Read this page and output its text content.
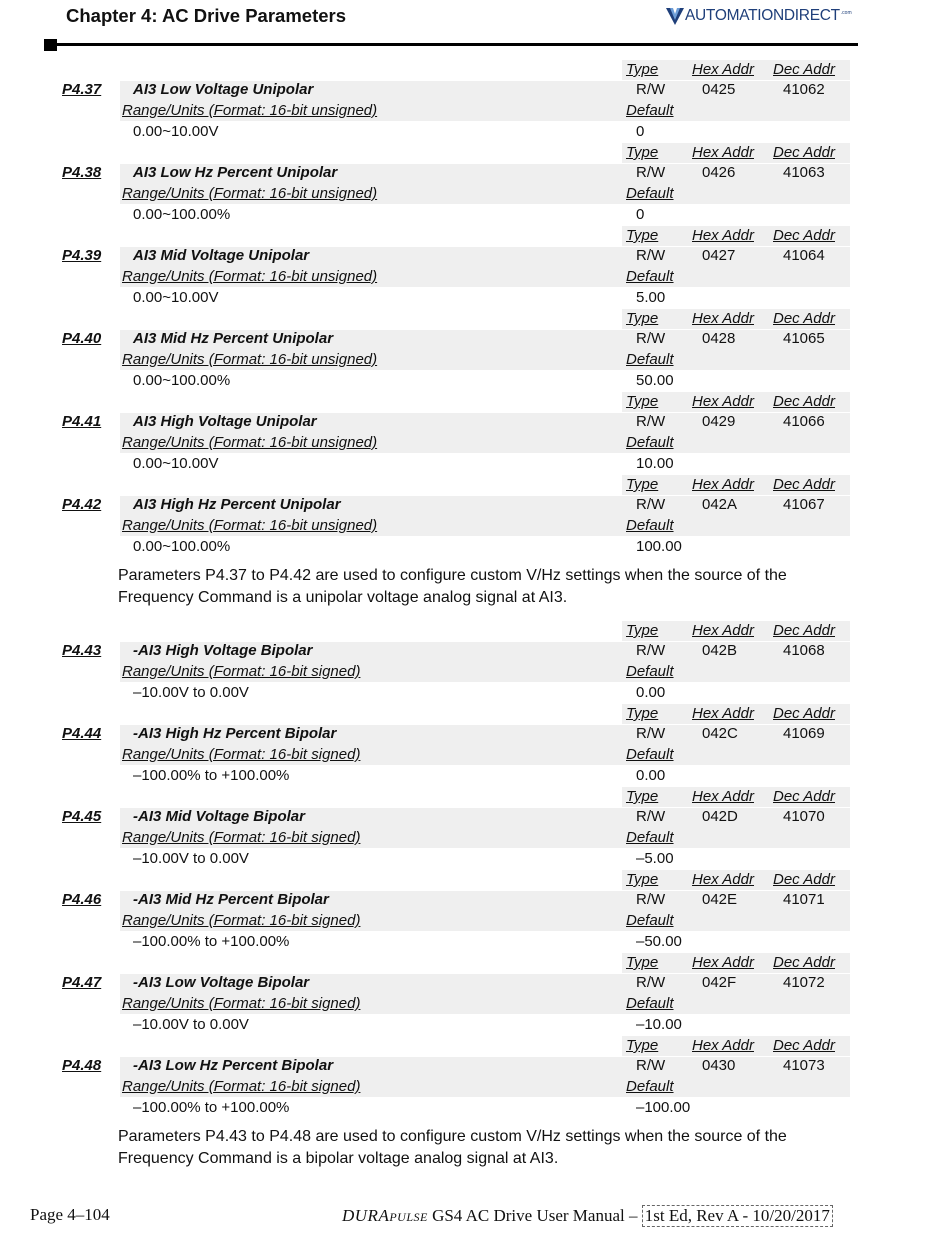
Chapter 4: AC Drive Parameters	AUTOMATIONDIRECT .com
Type Hex Addr Dec Addr
P4.37 AI3 Low Voltage Unipolar	R/W 0425	41062
Range/Units (Format: 16-bit unsigned)	Default
0.00~10.00V	0
Type Hex Addr Dec Addr
P4.38 AI3 Low Hz Percent Unipolar	R/W 0426	41063
Range/Units (Format: 16-bit unsigned)	Default
0.00~100.00%	0
Type Hex Addr Dec Addr
P4.39 AI3 Mid Voltage Unipolar	R/W 0427	41064
Range/Units (Format: 16-bit unsigned)	Default
0.00~10.00V	5.00
Type Hex Addr Dec Addr
P4.40 AI3 Mid Hz Percent Unipolar	R/W 0428	41065
Range/Units (Format: 16-bit unsigned)	Default
0.00~100.00%	50.00
Type Hex Addr Dec Addr
P4.41 AI3 High Voltage Unipolar	R/W 0429	41066
Range/Units (Format: 16-bit unsigned)	Default
0.00~10.00V	10.00
Type Hex Addr Dec Addr
P4.42 AI3 High Hz Percent Unipolar	R/W 042A	41067
Range/Units (Format: 16-bit unsigned)	Default
0.00~100.00%	100.00
Type Hex Addr Dec Addr
P4.43 -AI3 High Voltage Bipolar	R/W 042B	41068
Range/Units (Format: 16-bit signed)	Default
–10.00V to 0.00V	0.00
Type Hex Addr Dec Addr
P4.44 -AI3 High Hz Percent Bipolar	R/W 042C	41069
Range/Units (Format: 16-bit signed)	Default
–100.00% to +100.00%	0.00
Type Hex Addr Dec Addr
P4.45 -AI3 Mid Voltage Bipolar	R/W 042D	41070
Range/Units (Format: 16-bit signed)	Default
–10.00V to 0.00V	–5.00
Type Hex Addr Dec Addr
P4.46 -AI3 Mid Hz Percent Bipolar	R/W 042E	41071
Range/Units (Format: 16-bit signed)	Default
–100.00% to +100.00%	–50.00
Type Hex Addr Dec Addr
P4.47 -AI3 Low Voltage Bipolar	R/W 042F	41072
Range/Units (Format: 16-bit signed)	Default
–10.00V to 0.00V	–10.00
Type Hex Addr Dec Addr
P4.48 -AI3 Low Hz Percent Bipolar	R/W 0430	41073
Range/Units (Format: 16-bit signed)	Default
–100.00% to +100.00%	–100.00
Parameters P4.37 to P4.42 are used to configure custom V/Hz settings when the source of the Frequency Command is a unipolar voltage analog signal at AI3.
Parameters P4.43 to P4.48 are used to configure custom V/Hz settings when the source of the Frequency Command is a bipolar voltage analog signal at AI3.
Page 4–104	DURAPULSE GS4 AC Drive User Manual – 1st Ed, Rev A - 10/20/2017
